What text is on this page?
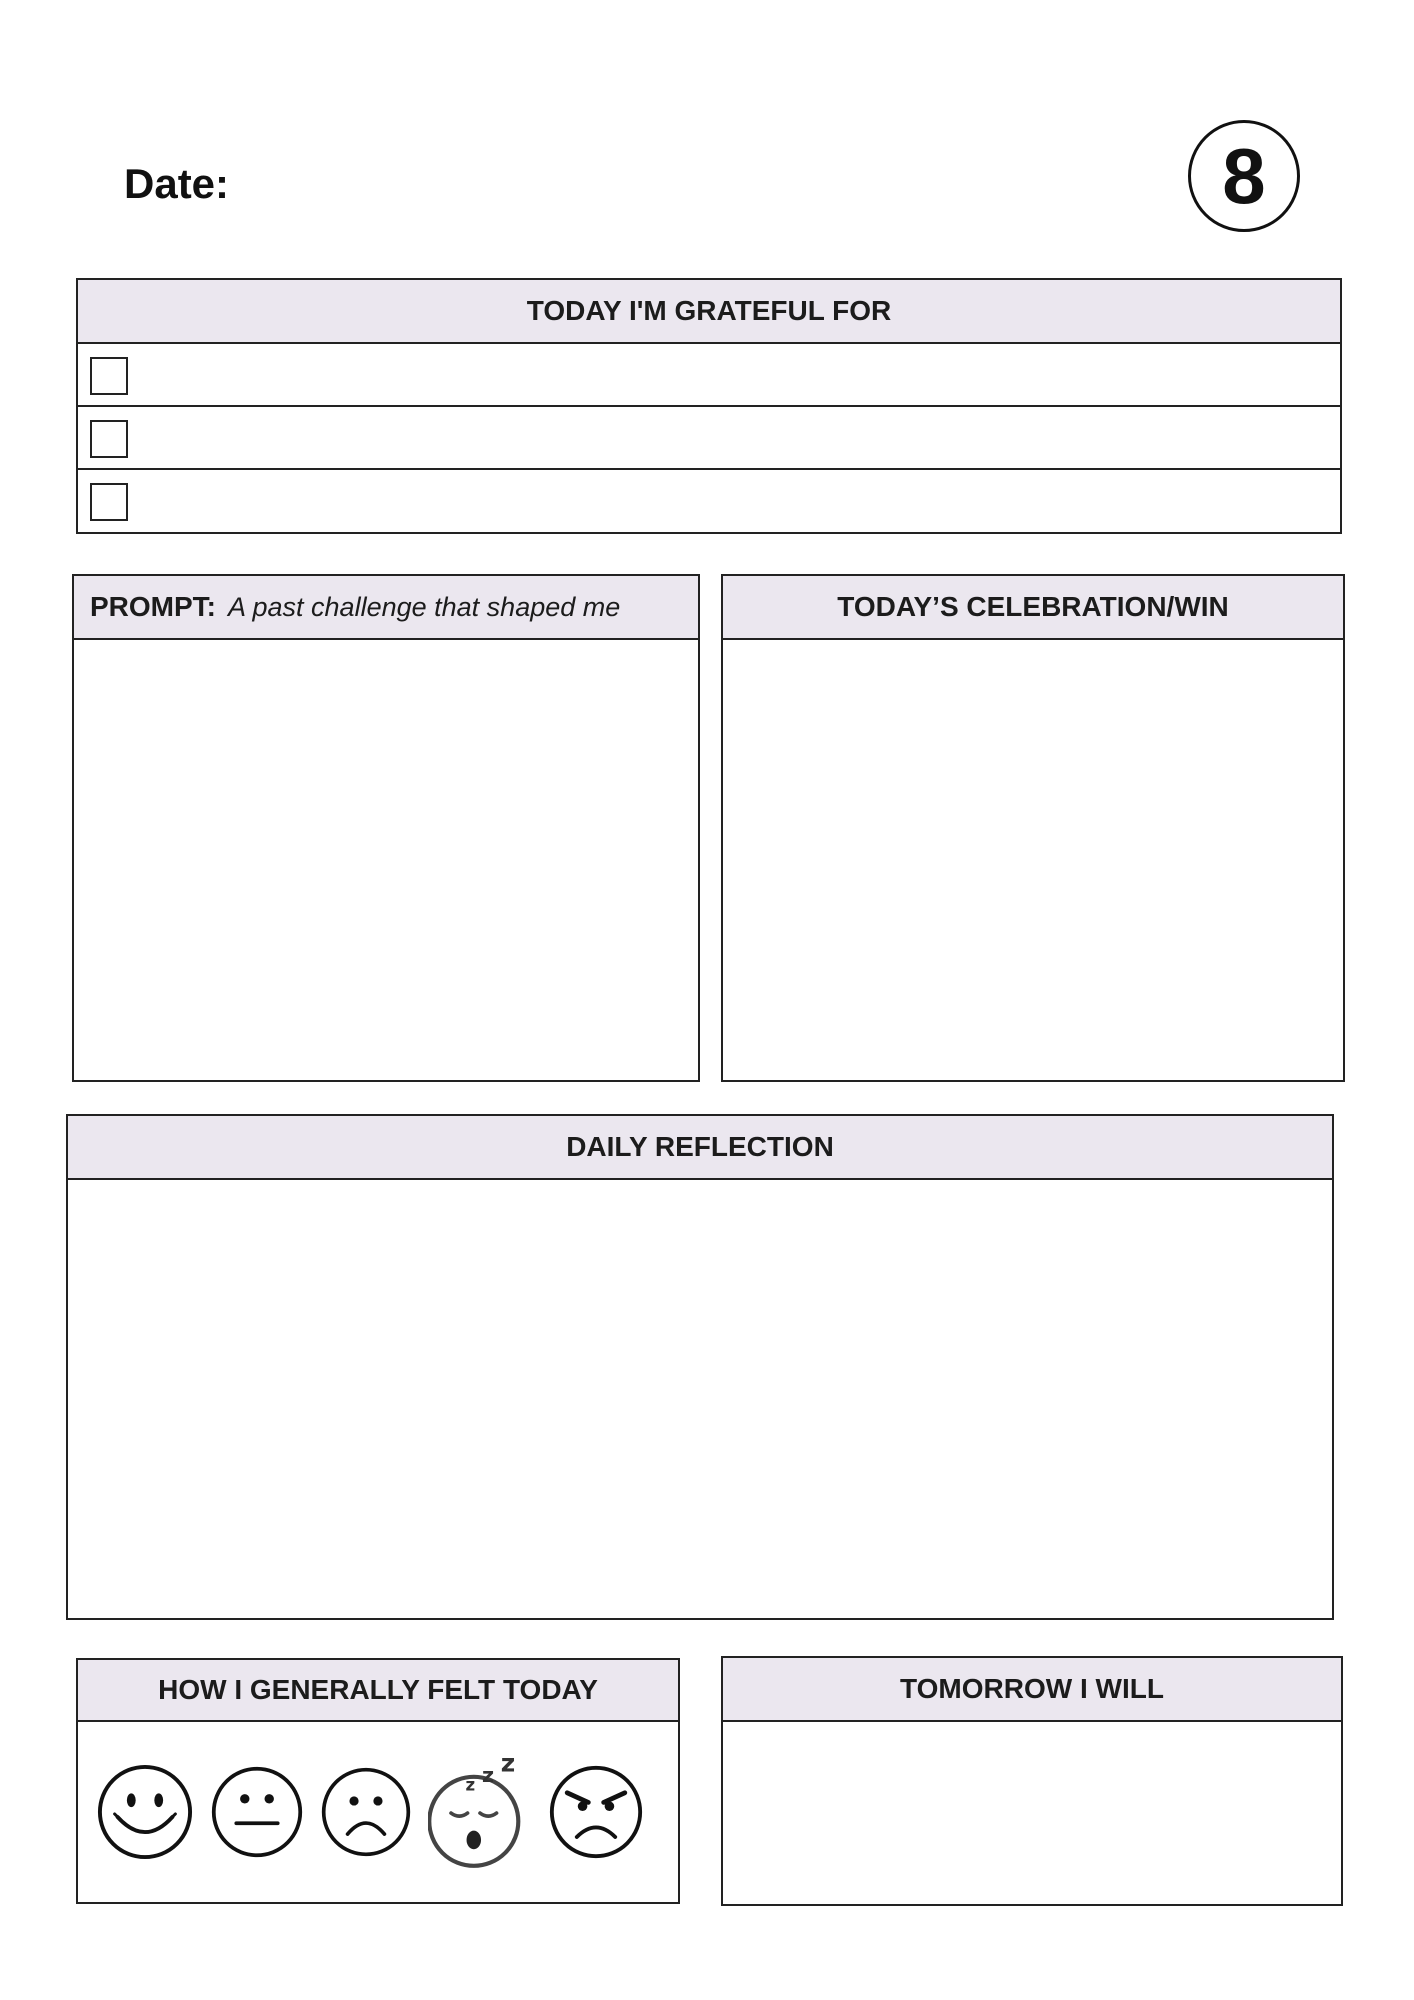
Date:	8
TODAY I'M GRATEFUL FOR
PROMPT: A past challenge that shaped me	TODAY’S CELEBRATION/WIN
DAILY REFLECTION
HOW I GENERALLY FELT TODAY
z z z
TOMORROW I WILL
